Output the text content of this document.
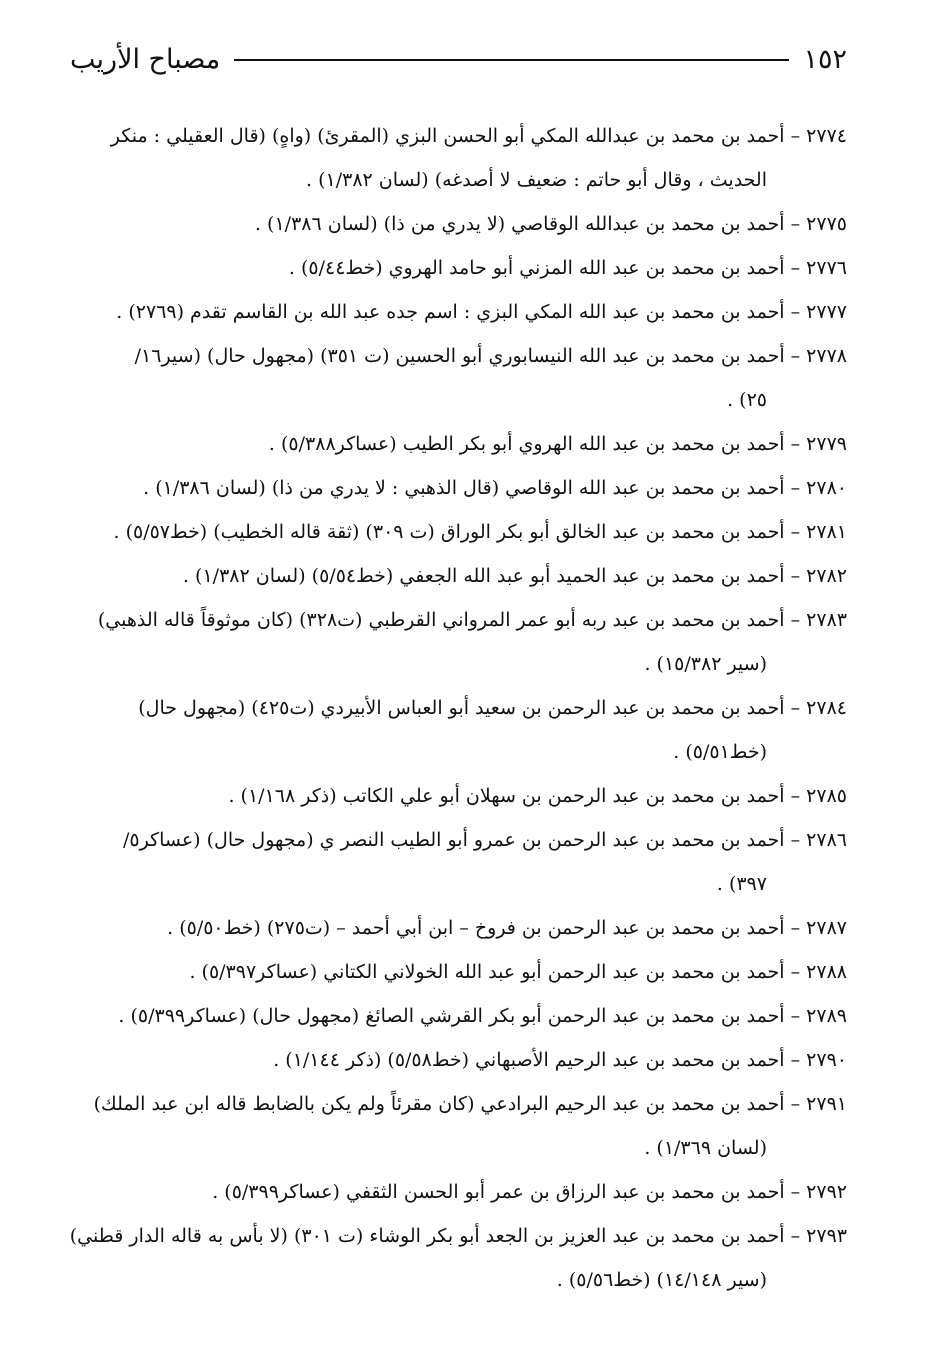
١٥٢
مصباح الأريب
٢٧٧٤ – أحمد بن محمد بن عبدالله المكي أبو الحسن البزي (المقرئ) (واهٍ) (قال العقيلي : منكر
الحديث ، وقال أبو حاتم : ضعيف لا أصدغه) (لسان ١/٣٨٢) .
٢٧٧٥ – أحمد بن محمد بن عبدالله الوقاصي (لا يدري من ذا) (لسان ١/٣٨٦) .
٢٧٧٦ – أحمد بن محمد بن عبد الله المزني أبو حامد الهروي (خط٥/٤٤) .
٢٧٧٧ – أحمد بن محمد بن عبد الله المكي البزي : اسم جده عبد الله بن القاسم تقدم (٢٧٦٩) .
٢٧٧٨ – أحمد بن محمد بن عبد الله النيسابوري أبو الحسين (ت ٣٥١) (مجهول حال) (سير١٦/
٢٥) .
٢٧٧٩ – أحمد بن محمد بن عبد الله الهروي أبو بكر الطيب (عساكر٥/٣٨٨) .
٢٧٨٠ – أحمد بن محمد بن عبد الله الوقاصي (قال الذهبي : لا يدري من ذا) (لسان ١/٣٨٦) .
٢٧٨١ – أحمد بن محمد بن عبد الخالق أبو بكر الوراق (ت ٣٠٩) (ثقة قاله الخطيب) (خط٥/٥٧) .
٢٧٨٢ – أحمد بن محمد بن عبد الحميد أبو عبد الله الجعفي (خط٥/٥٤) (لسان ١/٣٨٢) .
٢٧٨٣ – أحمد بن محمد بن عبد ربه أبو عمر المرواني القرطبي (ت٣٢٨) (كان موثوقاً قاله الذهبي)
(سير ١٥/٣٨٢) .
٢٧٨٤ – أحمد بن محمد بن عبد الرحمن بن سعيد أبو العباس الأبيردي (ت٤٢٥) (مجهول حال)
(خط٥/٥١) .
٢٧٨٥ – أحمد بن محمد بن عبد الرحمن بن سهلان أبو علي الكاتب (ذكر ١/١٦٨) .
٢٧٨٦ – أحمد بن محمد بن عبد الرحمن بن عمرو أبو الطيب النصر ي (مجهول حال) (عساكر٥/
٣٩٧) .
٢٧٨٧ – أحمد بن محمد بن عبد الرحمن بن فروخ – ابن أبي أحمد – (ت٢٧٥) (خط٥/٥٠) .
٢٧٨٨ – أحمد بن محمد بن عبد الرحمن أبو عبد الله الخولاني الكتاني (عساكر٥/٣٩٧) .
٢٧٨٩ – أحمد بن محمد بن عبد الرحمن أبو بكر القرشي الصائغ (مجهول حال) (عساكر٥/٣٩٩) .
٢٧٩٠ – أحمد بن محمد بن عبد الرحيم الأصبهاني (خط٥/٥٨) (ذكر ١/١٤٤) .
٢٧٩١ – أحمد بن محمد بن عبد الرحيم البرادعي (كان مقرئاً ولم يكن بالضابط قاله ابن عبد الملك)
(لسان ١/٣٦٩) .
٢٧٩٢ – أحمد بن محمد بن عبد الرزاق بن عمر أبو الحسن الثقفي (عساكر٥/٣٩٩) .
٢٧٩٣ – أحمد بن محمد بن عبد العزيز بن الجعد أبو بكر الوشاء (ت ٣٠١) (لا بأس به قاله الدار قطني)
(سير ١٤/١٤٨) (خط٥/٥٦) .
